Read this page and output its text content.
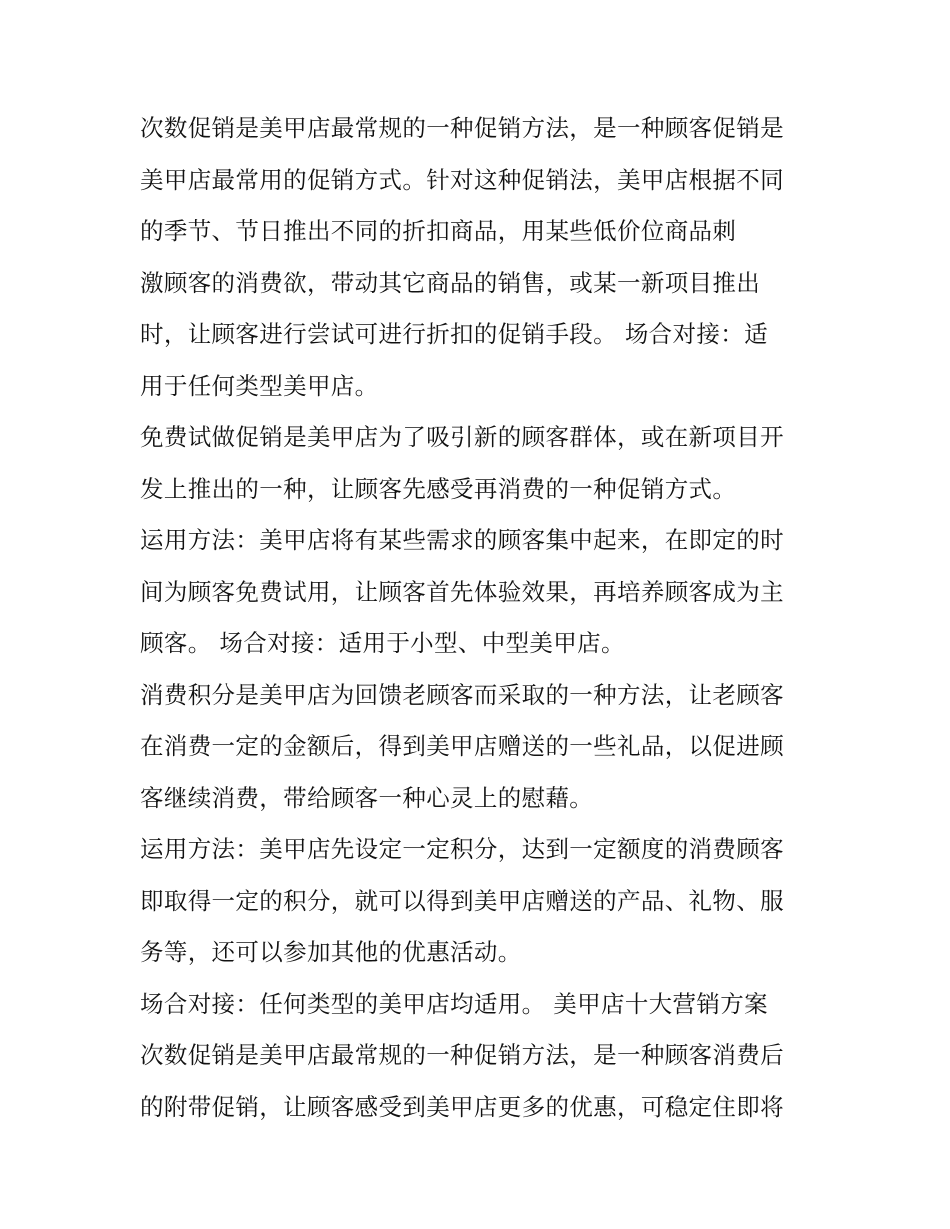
次数促销是美甲店最常规的一种促销方法，是一种顾客促销是
美甲店最常用的促销方式。针对这种促销法，美甲店根据不同
的季节、节日推出不同的折扣商品，用某些低价位商品刺
激顾客的消费欲，带动其它商品的销售，或某一新项目推出
时，让顾客进行尝试可进行折扣的促销手段。 场合对接：适
用于任何类型美甲店。
免费试做促销是美甲店为了吸引新的顾客群体，或在新项目开
发上推出的一种，让顾客先感受再消费的一种促销方式。
运用方法：美甲店将有某些需求的顾客集中起来，在即定的时
间为顾客免费试用，让顾客首先体验效果，再培养顾客成为主
顾客。 场合对接：适用于小型、中型美甲店。
消费积分是美甲店为回馈老顾客而采取的一种方法，让老顾客
在消费一定的金额后，得到美甲店赠送的一些礼品，以促进顾
客继续消费，带给顾客一种心灵上的慰藉。
运用方法：美甲店先设定一定积分，达到一定额度的消费顾客
即取得一定的积分，就可以得到美甲店赠送的产品、礼物、服
务等，还可以参加其他的优惠活动。
场合对接：任何类型的美甲店均适用。 美甲店十大营销方案
次数促销是美甲店最常规的一种促销方法，是一种顾客消费后
的附带促销，让顾客感受到美甲店更多的优惠，可稳定住即将
